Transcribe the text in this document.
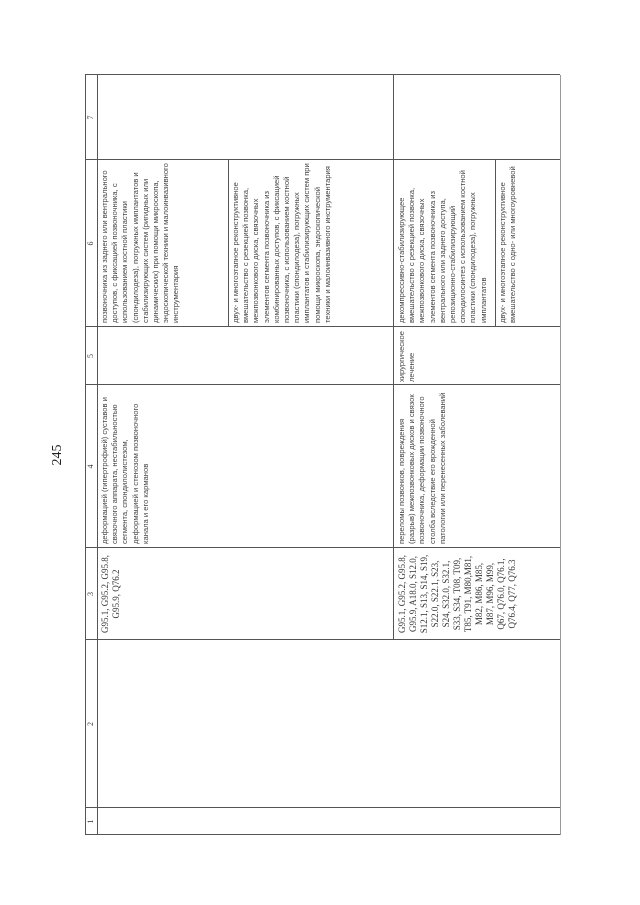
245
1
2
3
4
5
6
7
G95.1, G95.2, G95.8, G95.9, Q76.2
деформацией (гипертрофией) суставов и связочного аппарата, нестабильностью сегмента, спондилолистезом, деформацией и стенозом позвоночного канала и его карманов
позвоночника из заднего или вентрального доступов, с фиксацией позвоночника, с использованием костной пластики (спондилодеза), погружных имплантатов и стабилизирующих систем (ригидных или динамических) при помощи микроскопа, эндоскопической техники и малоинвазивного инструментария	двух- и многоэтапное реконструктивное вмешательство с резекцией позвонка, межпозвонкового диска, связочных элементов сегмента позвоночника из комбинированных доступов, с фиксацией позвоночника, с использованием костной пластики (спондилодеза), погружных имплантатов и стабилизирующих систем при помощи микроскопа, эндоскопической техники и малоинвазивного инструментария
G95.1, G95.2, G95.8, G95.9, A18.0, S12.0, S12.1, S13, S14, S19, S22.0, S22.1, S23, S24, S32.0, S32.1, S33, S34, T08, T09, T85, T91, M80,M81, M82, M86, M85, M87, M96, M99, Q67, Q76.0, Q76.1, Q76.4, Q77, Q76.3
переломы позвонков, повреждения (разрыв) межпозвонковых дисков и связок позвоночника, деформации позвоночного столба вследствие его врожденной патологии или перенесенных заболеваний
хирургическое лечение
декомпрессивно-стабилизирующее вмешательство с резекцией позвонка, межпозвонкового диска, связочных элементов сегмента позвоночника из вентрального или заднего доступа, репозиционно-стабилизирующий спондилосинтез с использованием костной пластики (спондилодеза), погружных имплантатов	двух- и многоэтапное реконструктивное вмешательство с одно- или многоуровневой
